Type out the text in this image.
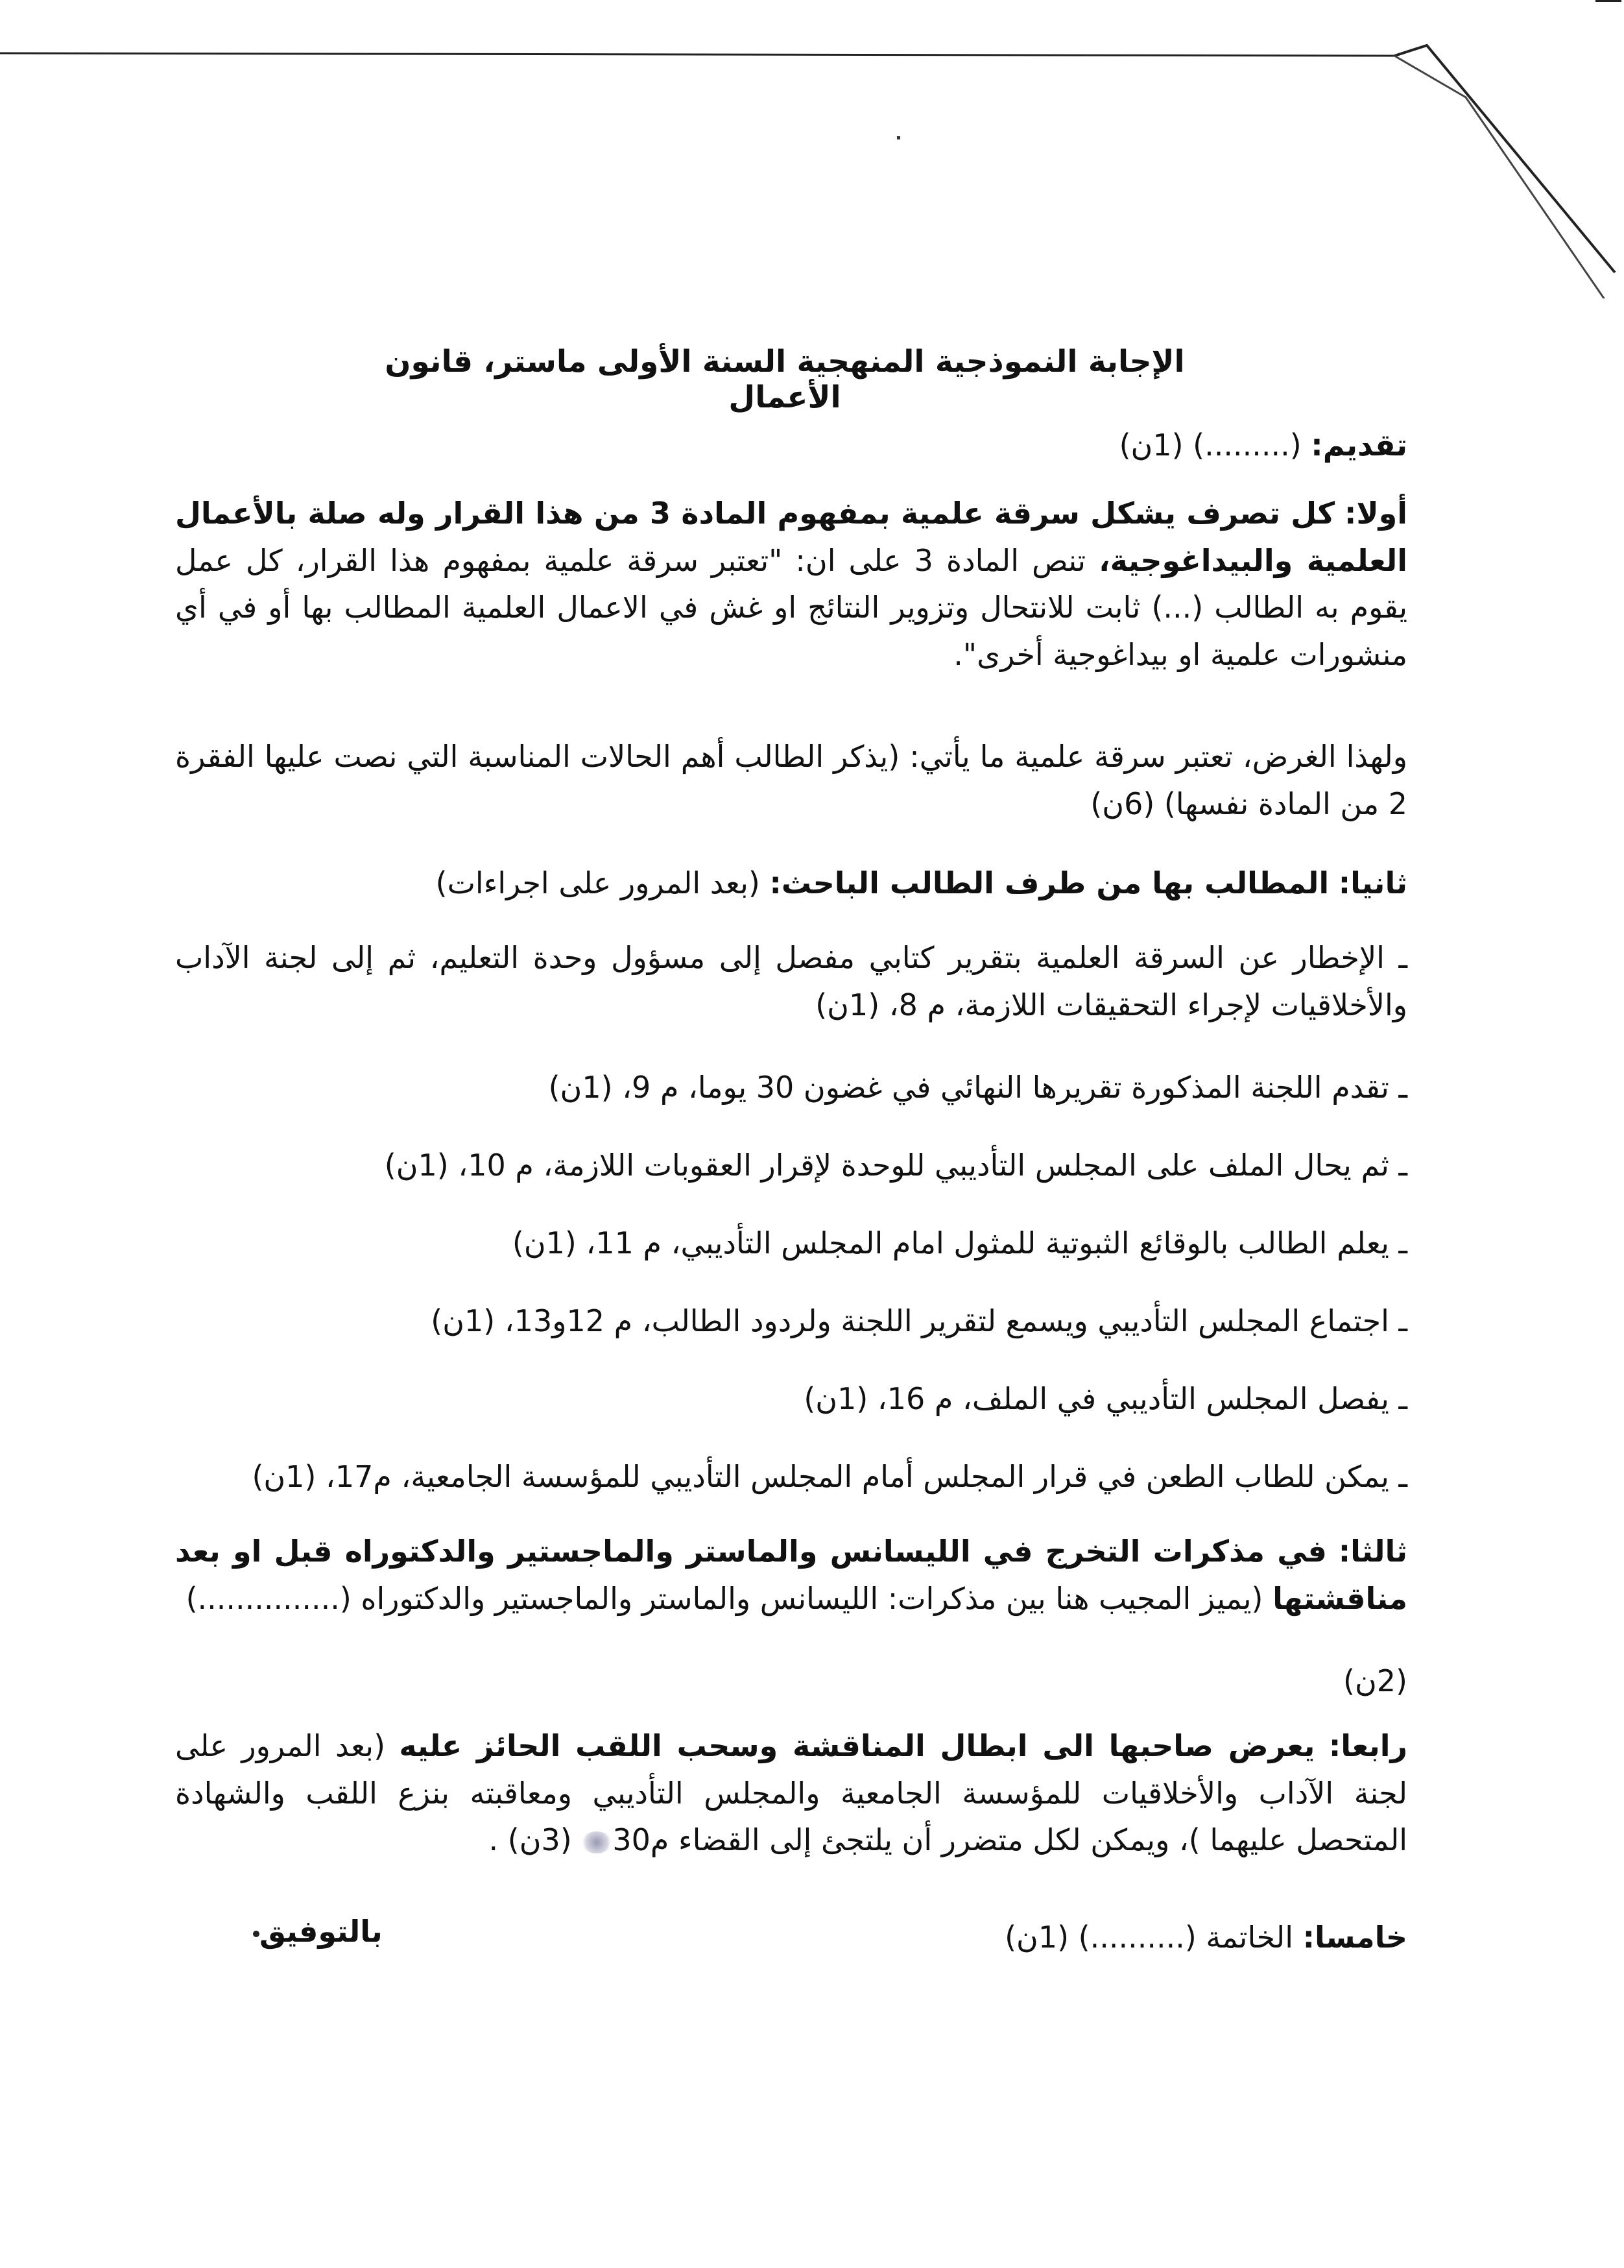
الإجابة النموذجية المنهجية السنة الأولى ماستر، قانون الأعمال
تقديم: (.........) (1ن)
أولا: كل تصرف يشكل سرقة علمية بمفهوم المادة 3 من هذا القرار وله صلة بالأعمال العلمية والبيداغوجية، تنص المادة 3 على ان: "تعتبر سرقة علمية بمفهوم هذا القرار، كل عمل يقوم به الطالب (...) ثابت للانتحال وتزوير النتائج او غش في الاعمال العلمية المطالب بها أو في أي منشورات علمية او بيداغوجية أخرى".
ولهذا الغرض، تعتبر سرقة علمية ما يأتي: (يذكر الطالب أهم الحالات المناسبة التي نصت عليها الفقرة 2 من المادة نفسها) (6ن)
ثانيا: المطالب بها من طرف الطالب الباحث: (بعد المرور على اجراءات)
ـ الإخطار عن السرقة العلمية بتقرير كتابي مفصل إلى مسؤول وحدة التعليم، ثم إلى لجنة الآداب والأخلاقيات لإجراء التحقيقات اللازمة، م 8، (1ن)
ـ تقدم اللجنة المذكورة تقريرها النهائي في غضون 30 يوما، م 9، (1ن)
ـ ثم يحال الملف على المجلس التأديبي للوحدة لإقرار العقوبات اللازمة، م 10، (1ن)
ـ يعلم الطالب بالوقائع الثبوتية للمثول امام المجلس التأديبي، م 11، (1ن)
ـ اجتماع المجلس التأديبي ويسمع لتقرير اللجنة ولردود الطالب، م 12و13، (1ن)
ـ يفصل المجلس التأديبي في الملف، م 16، (1ن)
ـ يمكن للطاب الطعن في قرار المجلس أمام المجلس التأديبي للمؤسسة الجامعية، م17، (1ن)
ثالثا: في مذكرات التخرج في الليسانس والماستر والماجستير والدكتوراه قبل او بعد مناقشتها (يميز المجيب هنا بين مذكرات: الليسانس والماستر والماجستير والدكتوراه (...............)
(2ن)
رابعا: يعرض صاحبها الى ابطال المناقشة وسحب اللقب الحائز عليه (بعد المرور على لجنة الآداب والأخلاقيات للمؤسسة الجامعية والمجلس التأديبي ومعاقبته بنزع اللقب والشهادة المتحصل عليهما )، ويمكن لكل متضرر أن يلتجئ إلى القضاء م30 (3ن) .
خامسا: الخاتمة (..........) (1ن)
بالتوفيق
